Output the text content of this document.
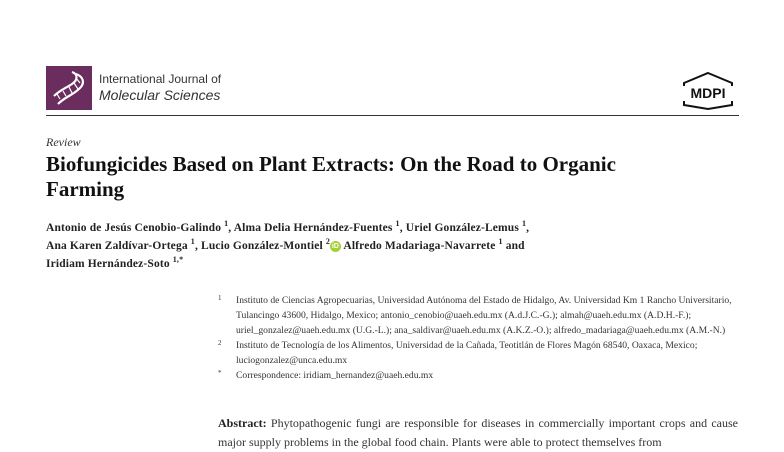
International Journal of
Molecular Sciences	MDPI
Review
Biofungicides Based on Plant Extracts: On the Road to Organic Farming
Antonio de Jesús Cenobio-Galindo $^1$, Alma Delia Hernández-Fuentes $^1$, Uriel González-Lemus $^1$,
Ana Karen Zaldívar-Ortega $^1$, Lucio González-Montiel $^2$iD Alfredo Madariaga-Navarrete $^1$ and
Iridiam Hernández-Soto $^{1,*}$
1 Instituto de Ciencias Agropecuarias, Universidad Autónoma del Estado de Hidalgo, Av. Universidad Km 1 Rancho Universitario, Tulancingo 43600, Hidalgo, Mexico; antonio_cenobio@uaeh.edu.mx (A.d.J.C.-G.); almah@uaeh.edu.mx (A.D.H.-F.); uriel_gonzalez@uaeh.edu.mx (U.G.-L.); ana_saldivar@uaeh.edu.mx (A.K.Z.-O.); alfredo_madariaga@uaeh.edu.mx (A.M.-N.)
2 Instituto de Tecnología de los Alimentos, Universidad de la Cañada, Teotitlán de Flores Magón 68540, Oaxaca, Mexico; luciogonzalez@unca.edu.mx
* Correspondence: iridiam_hernandez@uaeh.edu.mx
Abstract: Phytopathogenic fungi are responsible for diseases in commercially important crops and cause major supply problems in the global food chain. Plants were able to protect themselves from
